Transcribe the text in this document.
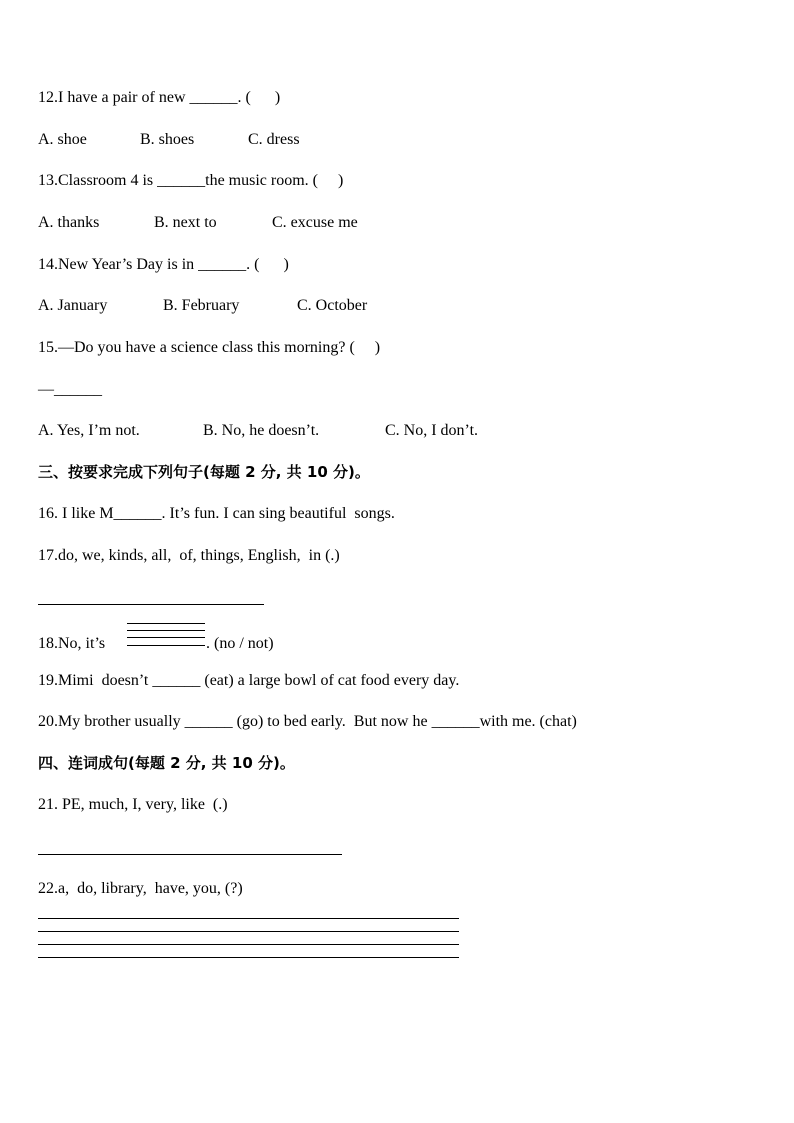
12.I have a pair of new ______. (      )
A. shoe	B. shoes	C. dress
13.Classroom 4 is ______the music room. (     )
A. thanks	B. next to	C. excuse me
14.New Year’s Day is in ______. (      )
A. January	B. February	C. October
15.—Do you have a science class this morning? (     )
—______
A. Yes, I’m not.	B. No, he doesn’t.	C. No, I don’t.
三、按要求完成下列句子(每题 2 分, 共 10 分)。
16. I like M______. It’s fun. I can sing beautiful  songs.
17.do, we, kinds, all,  of, things, English,  in (.)
18.No, it’s	. (no / not)
19.Mimi  doesn’t ______ (eat) a large bowl of cat food every day.
20.My brother usually ______ (go) to bed early.  But now he ______with me. (chat)
四、连词成句(每题 2 分, 共 10 分)。
21. PE, much, I, very, like  (.)
22.a,  do, library,  have, you, (?)
